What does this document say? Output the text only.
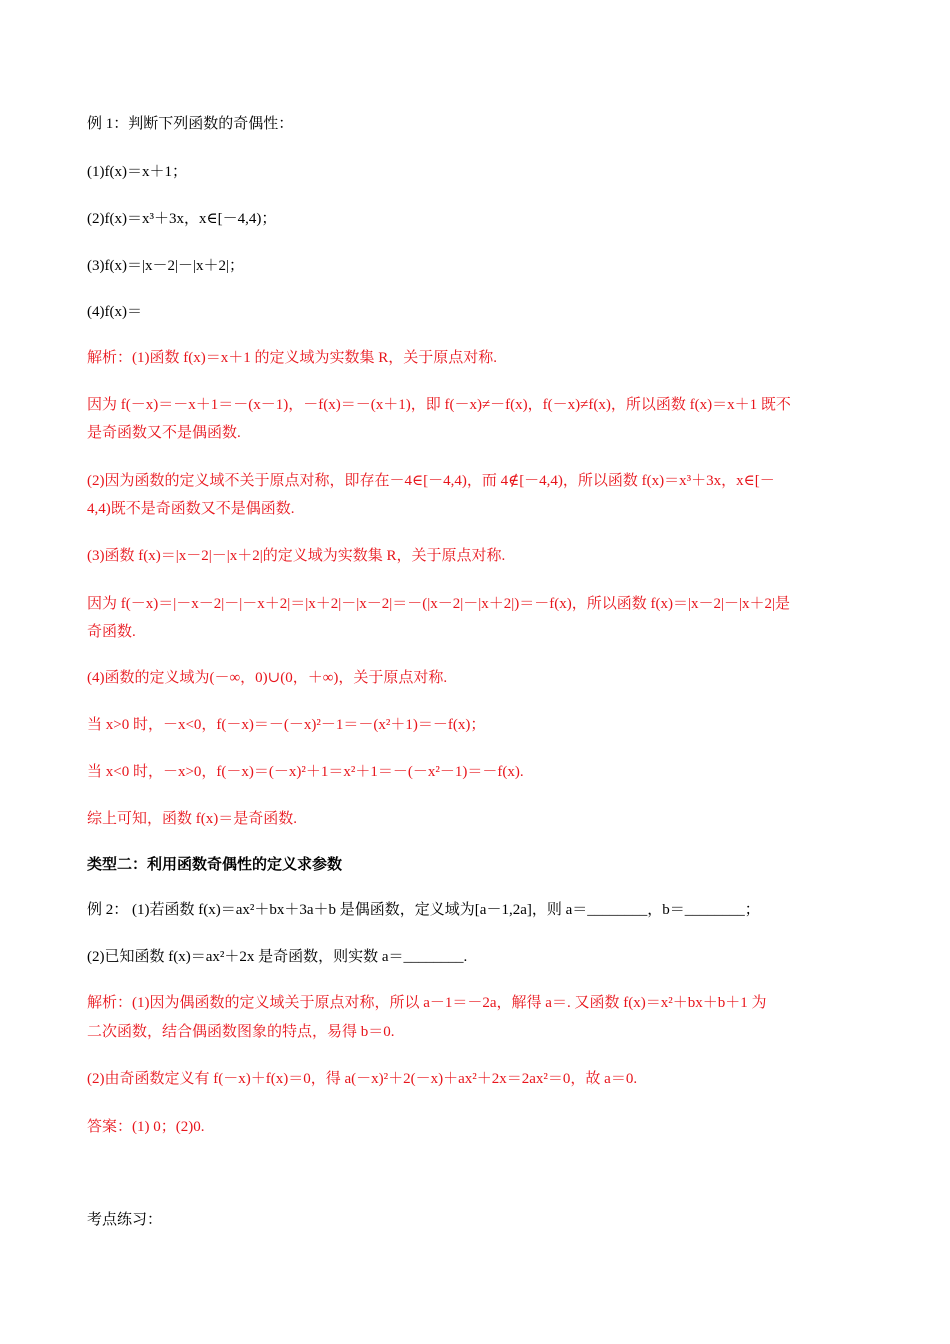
例 1：判断下列函数的奇偶性：
(1)f(x)＝x＋1；
(2)f(x)＝x³＋3x，x∈[－4,4)；
(3)f(x)＝|x－2|－|x＋2|；
(4)f(x)＝
解析：(1)函数 f(x)＝x＋1 的定义域为实数集 R，关于原点对称.
因为 f(－x)＝－x＋1＝－(x－1)，－f(x)＝－(x＋1)，即 f(－x)≠－f(x)，f(－x)≠f(x)，所以函数 f(x)＝x＋1 既不
是奇函数又不是偶函数.
(2)因为函数的定义域不关于原点对称，即存在－4∈[－4,4)，而 4∉[－4,4)，所以函数 f(x)＝x³＋3x，x∈[－
4,4)既不是奇函数又不是偶函数.
(3)函数 f(x)＝|x－2|－|x＋2|的定义域为实数集 R，关于原点对称.
因为 f(－x)＝|－x－2|－|－x＋2|＝|x＋2|－|x－2|＝－(|x－2|－|x＋2|)＝－f(x)，所以函数 f(x)＝|x－2|－|x＋2|是
奇函数.
(4)函数的定义域为(－∞，0)∪(0，＋∞)，关于原点对称.
当 x>0 时，－x<0，f(－x)＝－(－x)²－1＝－(x²＋1)＝－f(x)；
当 x<0 时，－x>0，f(－x)＝(－x)²＋1＝x²＋1＝－(－x²－1)＝－f(x).
综上可知，函数 f(x)＝是奇函数.
类型二：利用函数奇偶性的定义求参数
例 2： (1)若函数 f(x)＝ax²＋bx＋3a＋b 是偶函数，定义域为[a－1,2a]，则 a＝________，b＝________；
(2)已知函数 f(x)＝ax²＋2x 是奇函数，则实数 a＝________.
解析：(1)因为偶函数的定义域关于原点对称，所以 a－1＝－2a，解得 a＝. 又函数 f(x)＝x²＋bx＋b＋1 为
二次函数，结合偶函数图象的特点，易得 b＝0.
(2)由奇函数定义有 f(－x)＋f(x)＝0，得 a(－x)²＋2(－x)＋ax²＋2x＝2ax²＝0，故 a＝0.
答案：(1) 0；(2)0.
考点练习：
